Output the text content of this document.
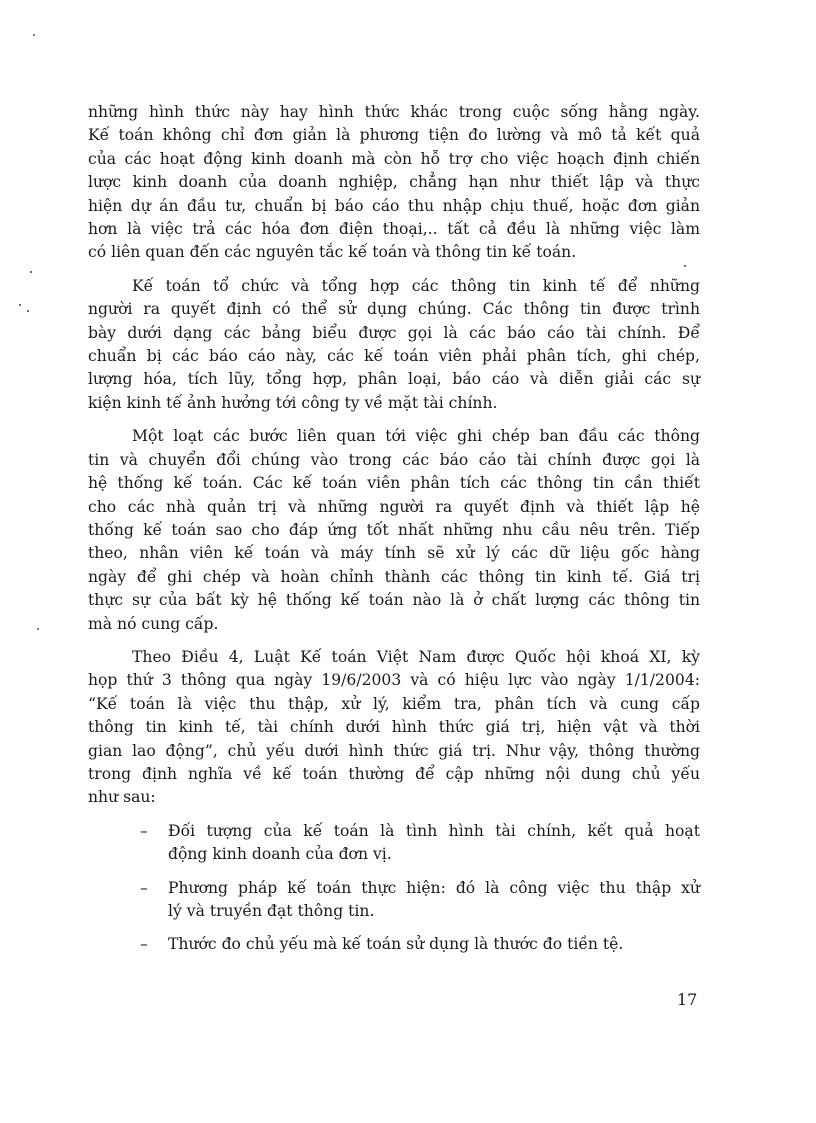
những hình thức này hay hình thức khác trong cuộc sống hằng ngày.
Kế toán không chỉ đơn giản là phương tiện đo lường và mô tả kết quả
của các hoạt động kinh doanh mà còn hỗ trợ cho việc hoạch định chiến
lược kinh doanh của doanh nghiệp, chẳng hạn như thiết lập và thực
hiện dự án đầu tư, chuẩn bị báo cáo thu nhập chịu thuế, hoặc đơn giản
hơn là việc trả các hóa đơn điện thoại,.. tất cả đều là những việc làm
có liên quan đến các nguyên tắc kế toán và thông tin kế toán.

Kế toán tổ chức và tổng hợp các thông tin kinh tế để những
người ra quyết định có thể sử dụng chúng. Các thông tin được trình
bày dưới dạng các bảng biểu được gọi là các báo cáo tài chính. Để
chuẩn bị các báo cáo này, các kế toán viên phải phân tích, ghi chép,
lượng hóa, tích lũy, tổng hợp, phân loại, báo cáo và diễn giải các sự
kiện kinh tế ảnh hưởng tới công ty về mặt tài chính.

Một loạt các bước liên quan tới việc ghi chép ban đầu các thông
tin và chuyển đổi chúng vào trong các báo cáo tài chính được gọi là
hệ thống kế toán. Các kế toán viên phân tích các thông tin cần thiết
cho các nhà quản trị và những người ra quyết định và thiết lập hệ
thống kế toán sao cho đáp ứng tốt nhất những nhu cầu nêu trên. Tiếp
theo, nhân viên kế toán và máy tính sẽ xử lý các dữ liệu gốc hàng
ngày để ghi chép và hoàn chỉnh thành các thông tin kinh tế. Giá trị
thực sự của bất kỳ hệ thống kế toán nào là ở chất lượng các thông tin
mà nó cung cấp.

Theo Điều 4, Luật Kế toán Việt Nam được Quốc hội khoá XI, kỳ
họp thứ 3 thông qua ngày 19/6/2003 và có hiệu lực vào ngày 1/1/2004:
“Kế toán là việc thu thập, xử lý, kiểm tra, phân tích và cung cấp
thông tin kinh tế, tài chính dưới hình thức giá trị, hiện vật và thời
gian lao động”, chủ yếu dưới hình thức giá trị. Như vậy, thông thường
trong định nghĩa về kế toán thường để cập những nội dung chủ yếu
như sau:

– Đối tượng của kế toán là tình hình tài chính, kết quả hoạt
động kinh doanh của đơn vị.
– Phương pháp kế toán thực hiện: đó là công việc thu thập xử
lý và truyền đạt thông tin.
– Thước đo chủ yếu mà kế toán sử dụng là thước đo tiền tệ.
17
